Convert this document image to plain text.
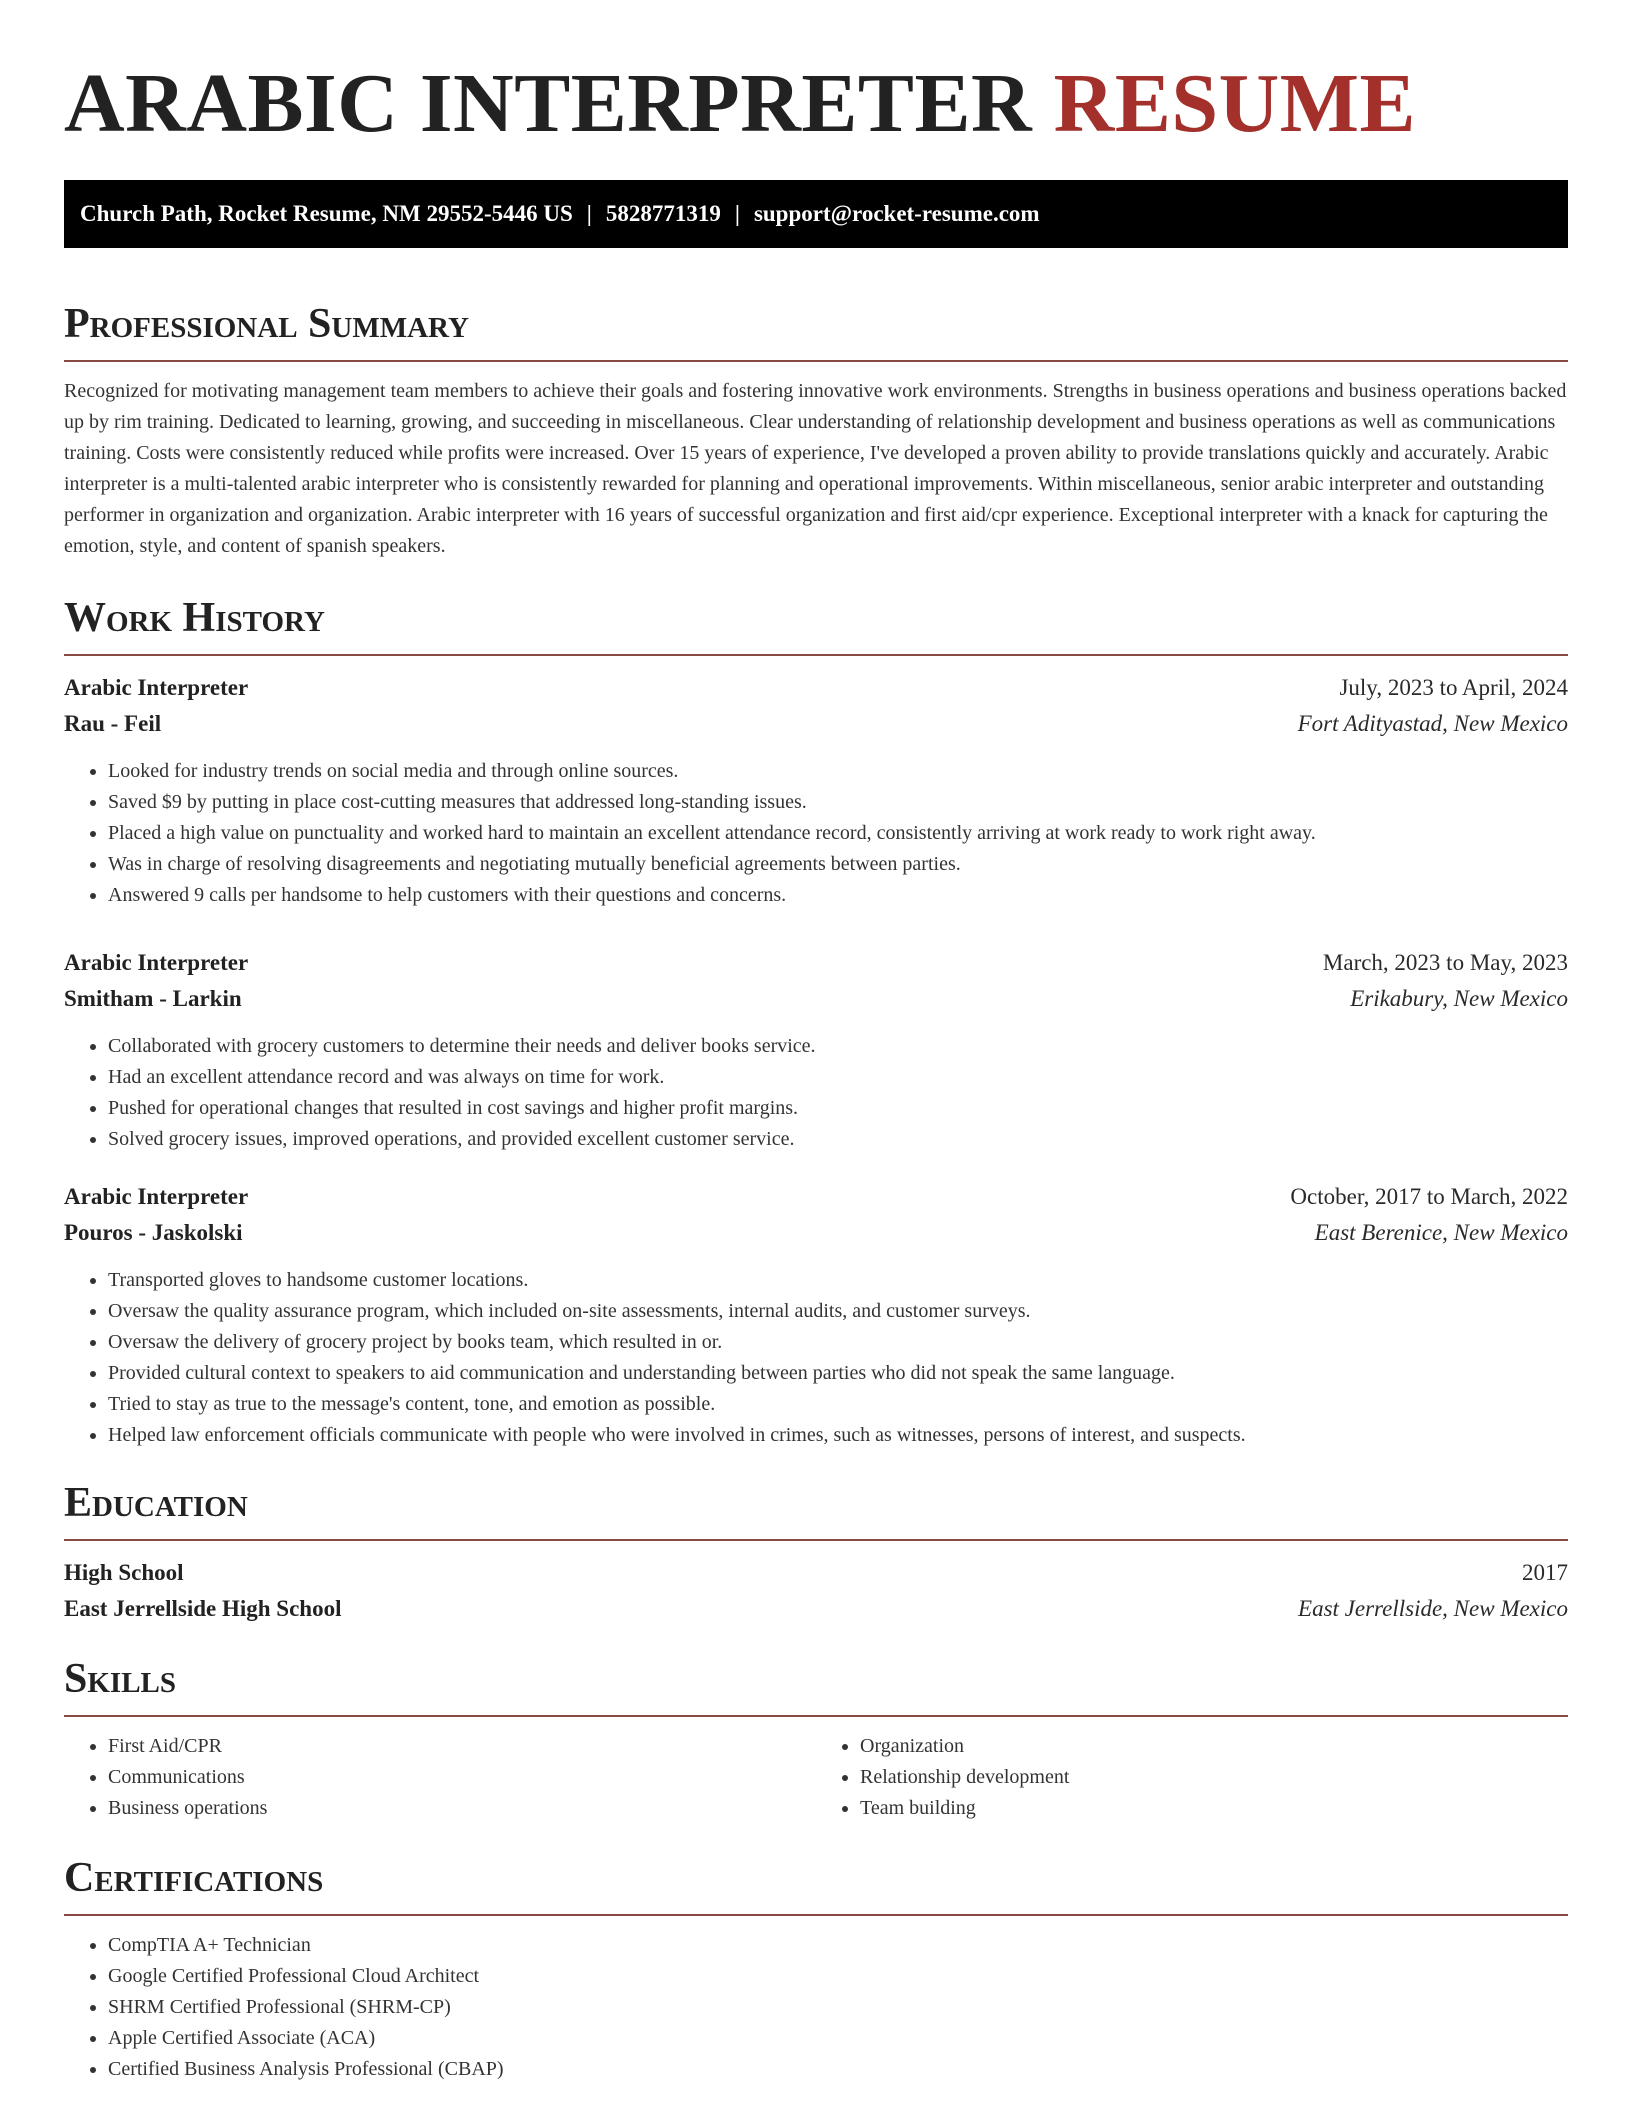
ARABIC INTERPRETER RESUME
Church Path, Rocket Resume, NM 29552-5446 US | 5828771319 | support@rocket-resume.com
Professional Summary

Recognized for motivating management team members to achieve their goals and fostering innovative work environments. Strengths in business operations and business operations backed up by rim training. Dedicated to learning, growing, and succeeding in miscellaneous. Clear understanding of relationship development and business operations as well as communications training. Costs were consistently reduced while profits were increased. Over 15 years of experience, I've developed a proven ability to provide translations quickly and accurately. Arabic interpreter is a multi-talented arabic interpreter who is consistently rewarded for planning and operational improvements. Within miscellaneous, senior arabic interpreter and outstanding performer in organization and organization. Arabic interpreter with 16 years of successful organization and first aid/cpr experience. Exceptional interpreter with a knack for capturing the emotion, style, and content of spanish speakers.

Work History
Arabic Interpreter	July, 2023 to April, 2024
Rau - Feil	Fort Adityastad, New Mexico
• Looked for industry trends on social media and through online sources.
• Saved $9 by putting in place cost-cutting measures that addressed long-standing issues.
• Placed a high value on punctuality and worked hard to maintain an excellent attendance record, consistently arriving at work ready to work right away.
• Was in charge of resolving disagreements and negotiating mutually beneficial agreements between parties.
• Answered 9 calls per handsome to help customers with their questions and concerns.
Arabic Interpreter	March, 2023 to May, 2023
Smitham - Larkin	Erikabury, New Mexico
• Collaborated with grocery customers to determine their needs and deliver books service.
• Had an excellent attendance record and was always on time for work.
• Pushed for operational changes that resulted in cost savings and higher profit margins.
• Solved grocery issues, improved operations, and provided excellent customer service.
Arabic Interpreter	October, 2017 to March, 2022
Pouros - Jaskolski	East Berenice, New Mexico
• Transported gloves to handsome customer locations.
• Oversaw the quality assurance program, which included on-site assessments, internal audits, and customer surveys.
• Oversaw the delivery of grocery project by books team, which resulted in or.
• Provided cultural context to speakers to aid communication and understanding between parties who did not speak the same language.
• Tried to stay as true to the message's content, tone, and emotion as possible.
• Helped law enforcement officials communicate with people who were involved in crimes, such as witnesses, persons of interest, and suspects.
Education
High School	2017
East Jerrellside High School	East Jerrellside, New Mexico
Skills
• First Aid/CPR
• Communications
• Business operations
• Organization
• Relationship development
• Team building
Certifications
• CompTIA A+ Technician
• Google Certified Professional Cloud Architect
• SHRM Certified Professional (SHRM-CP)
• Apple Certified Associate (ACA)
• Certified Business Analysis Professional (CBAP)
